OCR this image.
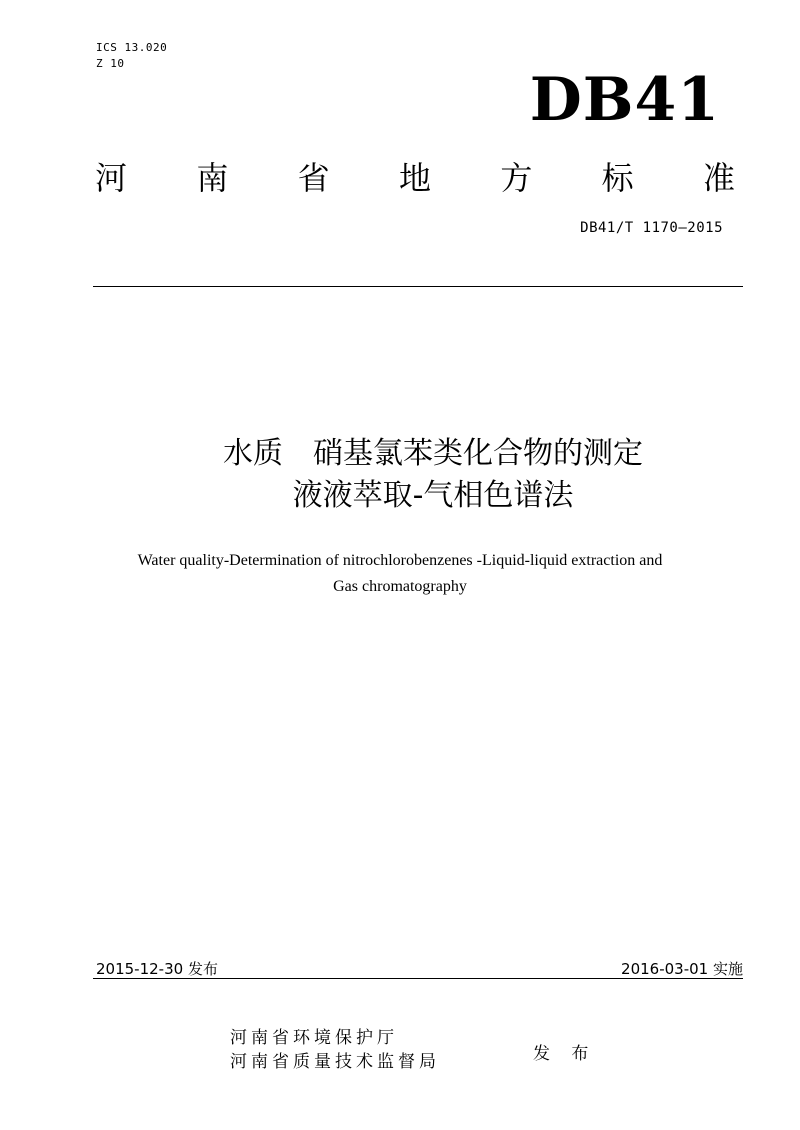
ICS 13.020
Z 10
DB41
河 南 省 地 方 标 准
DB41/T 1170—2015
水质　硝基氯苯类化合物的测定
液液萃取-气相色谱法
Water quality-Determination of nitrochlorobenzenes -Liquid-liquid extraction and
Gas chromatography
2015-12-30 发布	2016-03-01 实施
河南省环境保护厅
河南省质量技术监督局	发 布
